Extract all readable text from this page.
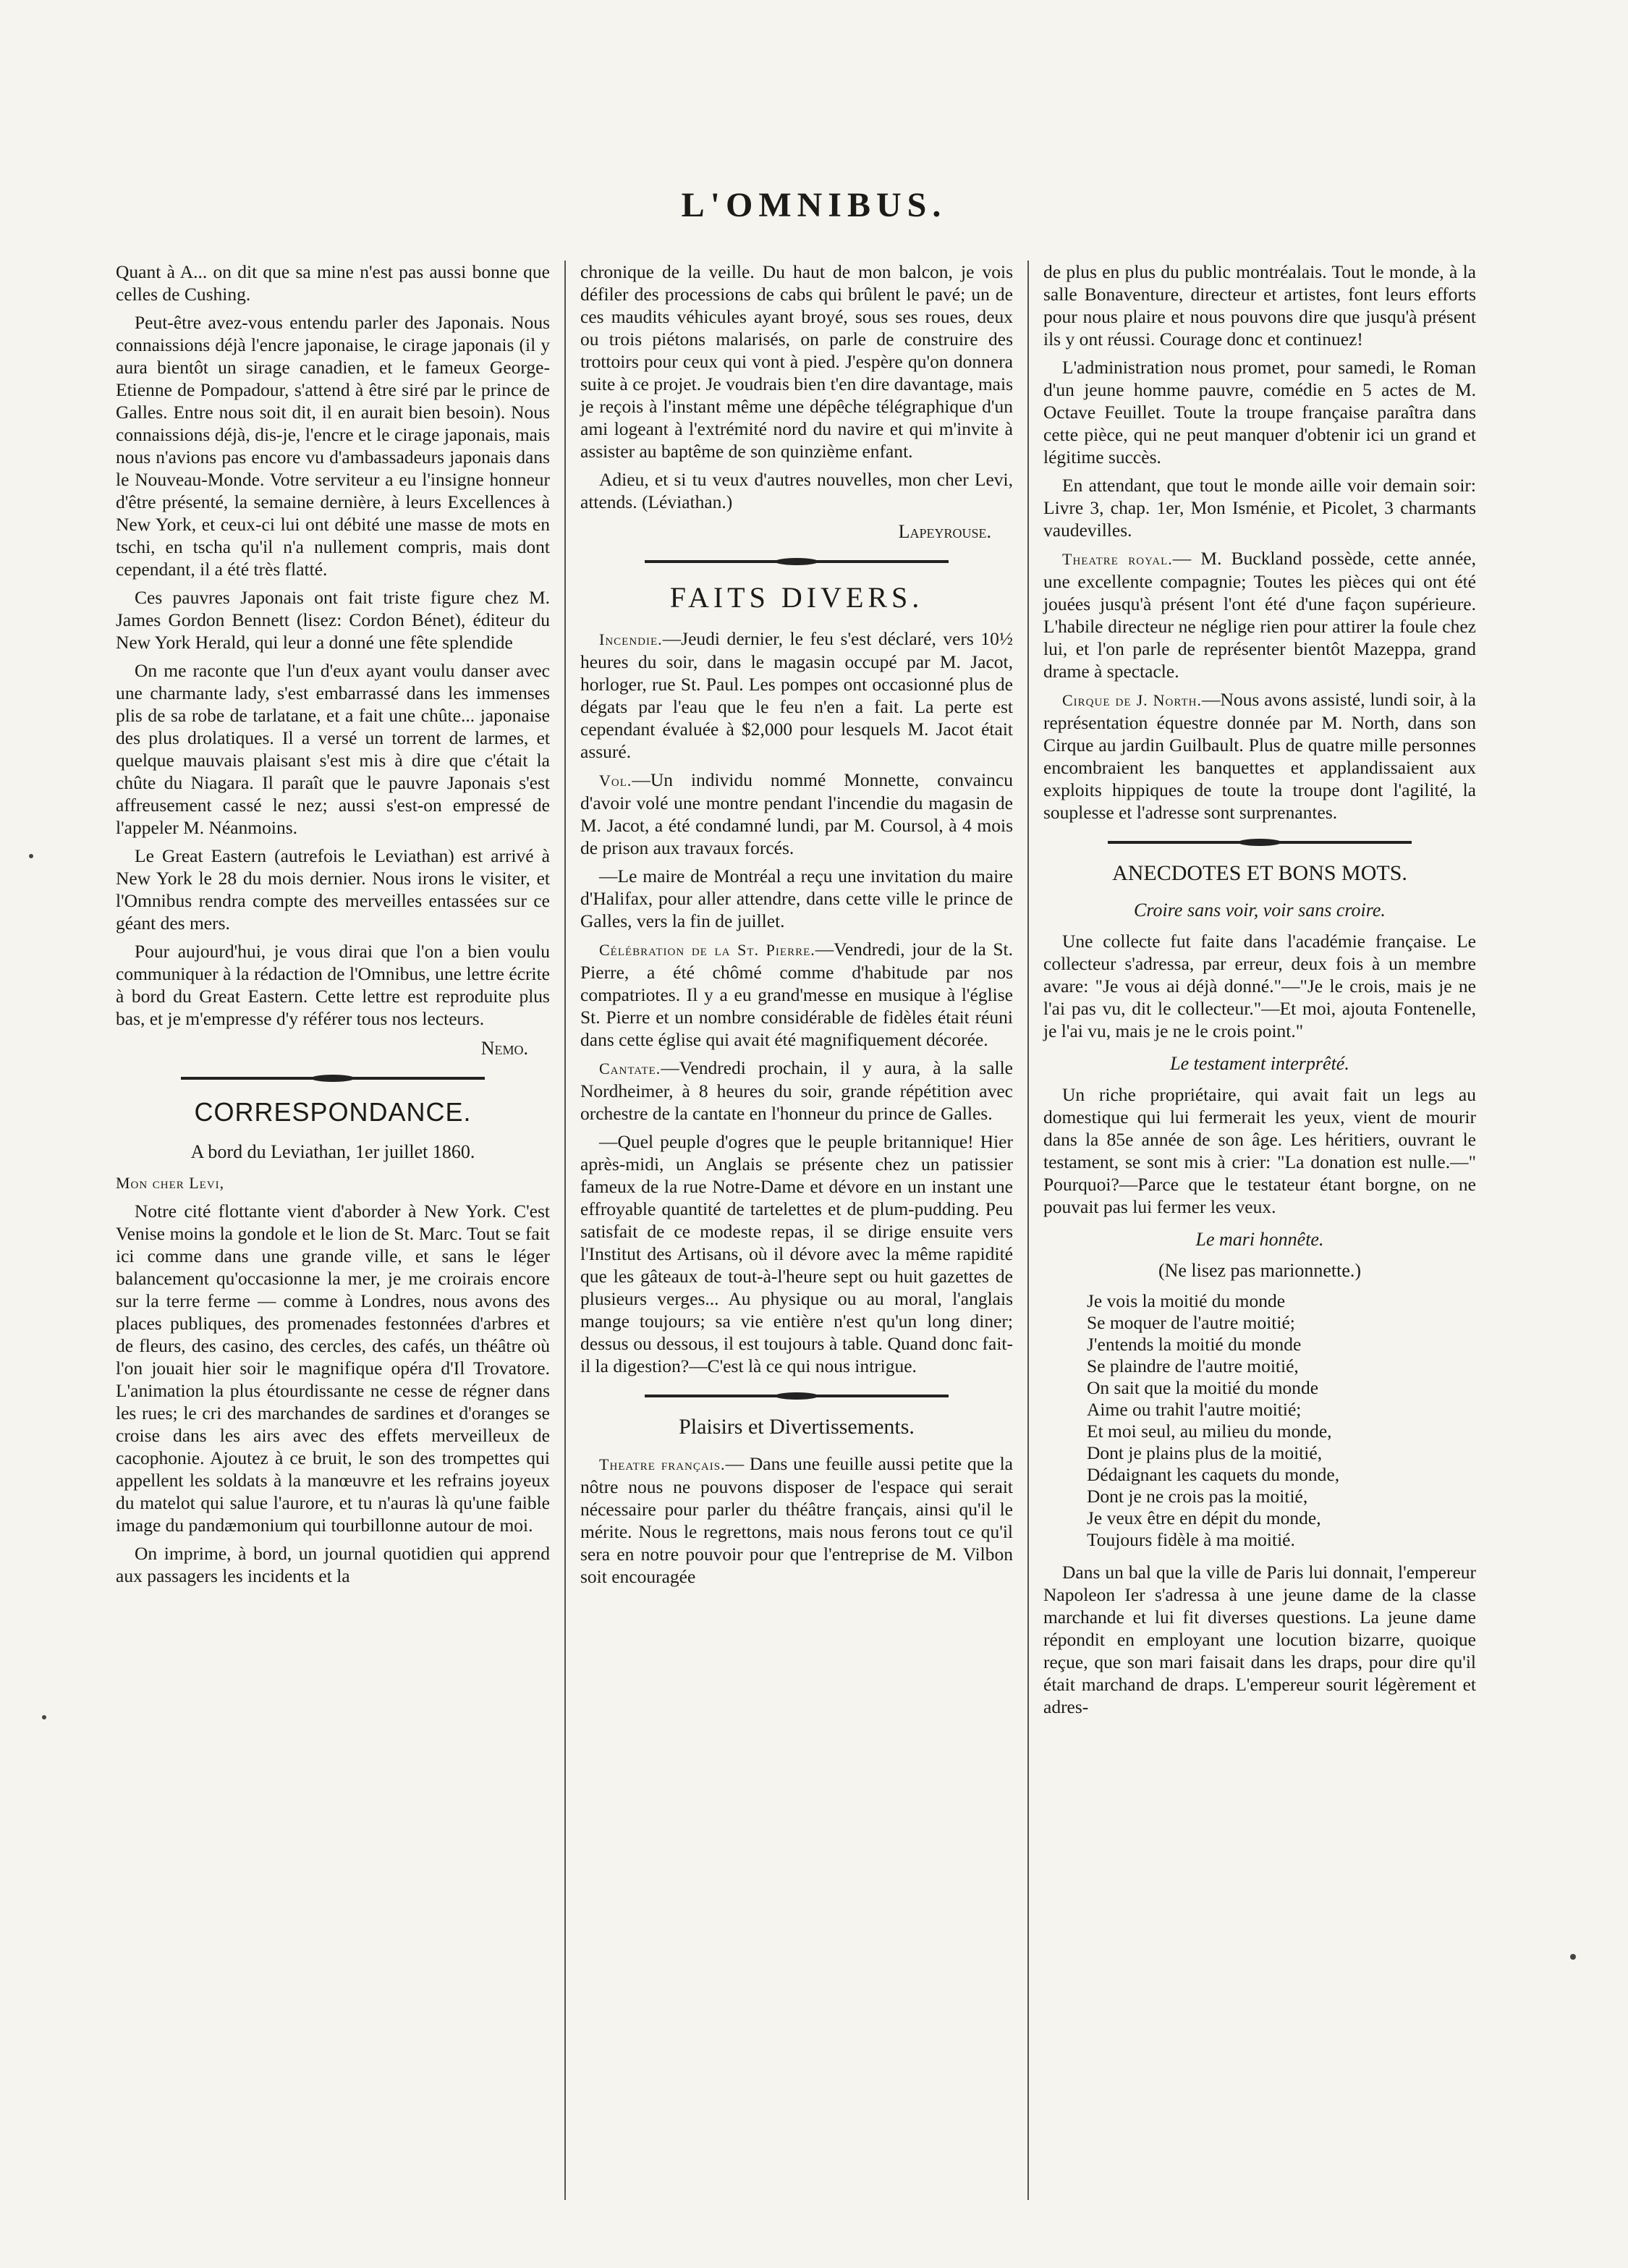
L'OMNIBUS.

Quant à A... on dit que sa mine n'est pas aussi bonne que celles de Cushing.

Peut-être avez-vous entendu parler des Japonais. Nous connaissions déjà l'encre japonaise, le cirage japonais (il y aura bientôt un sirage canadien, et le fameux George-Etienne de Pompadour, s'attend à être siré par le prince de Galles. Entre nous soit dit, il en aurait bien besoin). Nous connaissions déjà, dis-je, l'encre et le cirage japonais, mais nous n'avions pas encore vu d'ambassadeurs japonais dans le Nouveau-Monde. Votre serviteur a eu l'insigne honneur d'être présenté, la semaine dernière, à leurs Excellences à New York, et ceux-ci lui ont débité une masse de mots en tschi, en tscha qu'il n'a nullement compris, mais dont cependant, il a été très flatté.

Ces pauvres Japonais ont fait triste figure chez M. James Gordon Bennett (lisez: Cordon Bénet), éditeur du New York Herald, qui leur a donné une fête splendide

On me raconte que l'un d'eux ayant voulu danser avec une charmante lady, s'est embarrassé dans les immenses plis de sa robe de tarlatane, et a fait une chûte... japonaise des plus drolatiques. Il a versé un torrent de larmes, et quelque mauvais plaisant s'est mis à dire que c'était la chûte du Niagara. Il paraît que le pauvre Japonais s'est affreusement cassé le nez; aussi s'est-on empressé de l'appeler M. Néanmoins.

Le Great Eastern (autrefois le Leviathan) est arrivé à New York le 28 du mois dernier. Nous irons le visiter, et l'Omnibus rendra compte des merveilles entassées sur ce géant des mers.

Pour aujourd'hui, je vous dirai que l'on a bien voulu communiquer à la rédaction de l'Omnibus, une lettre écrite à bord du Great Eastern. Cette lettre est reproduite plus bas, et je m'empresse d'y référer tous nos lecteurs.

Nemo.

CORRESPONDANCE.

A bord du Leviathan, 1er juillet 1860.

Mon cher Levi,

Notre cité flottante vient d'aborder à New York. C'est Venise moins la gondole et le lion de St. Marc. Tout se fait ici comme dans une grande ville, et sans le léger balancement qu'occasionne la mer, je me croirais encore sur la terre ferme — comme à Londres, nous avons des places publiques, des promenades festonnées d'arbres et de fleurs, des casino, des cercles, des cafés, un théâtre où l'on jouait hier soir le magnifique opéra d'Il Trovatore. L'animation la plus étourdissante ne cesse de régner dans les rues; le cri des marchandes de sardines et d'oranges se croise dans les airs avec des effets merveilleux de cacophonie. Ajoutez à ce bruit, le son des trompettes qui appellent les soldats à la manœuvre et les refrains joyeux du matelot qui salue l'aurore, et tu n'auras là qu'une faible image du pandæmonium qui tourbillonne autour de moi.

On imprime, à bord, un journal quotidien qui apprend aux passagers les incidents et la

chronique de la veille. Du haut de mon balcon, je vois défiler des processions de cabs qui brûlent le pavé; un de ces maudits véhicules ayant broyé, sous ses roues, deux ou trois piétons malarisés, on parle de construire des trottoirs pour ceux qui vont à pied. J'espère qu'on donnera suite à ce projet. Je voudrais bien t'en dire davantage, mais je reçois à l'instant même une dépêche télégraphique d'un ami logeant à l'extrémité nord du navire et qui m'invite à assister au baptême de son quinzième enfant.

Adieu, et si tu veux d'autres nouvelles, mon cher Levi, attends. (Léviathan.)

Lapeyrouse.

FAITS DIVERS.

Incendie.—Jeudi dernier, le feu s'est déclaré, vers 10½ heures du soir, dans le magasin occupé par M. Jacot, horloger, rue St. Paul. Les pompes ont occasionné plus de dégats par l'eau que le feu n'en a fait. La perte est cependant évaluée à $2,000 pour lesquels M. Jacot était assuré.

Vol.—Un individu nommé Monnette, convaincu d'avoir volé une montre pendant l'incendie du magasin de M. Jacot, a été condamné lundi, par M. Coursol, à 4 mois de prison aux travaux forcés.

—Le maire de Montréal a reçu une invitation du maire d'Halifax, pour aller attendre, dans cette ville le prince de Galles, vers la fin de juillet.

Célébration de la St. Pierre.—Vendredi, jour de la St. Pierre, a été chômé comme d'habitude par nos compatriotes. Il y a eu grand'messe en musique à l'église St. Pierre et un nombre considérable de fidèles était réuni dans cette église qui avait été magnifiquement décorée.

Cantate.—Vendredi prochain, il y aura, à la salle Nordheimer, à 8 heures du soir, grande répétition avec orchestre de la cantate en l'honneur du prince de Galles.

—Quel peuple d'ogres que le peuple britannique! Hier après-midi, un Anglais se présente chez un patissier fameux de la rue Notre-Dame et dévore en un instant une effroyable quantité de tartelettes et de plum-pudding. Peu satisfait de ce modeste repas, il se dirige ensuite vers l'Institut des Artisans, où il dévore avec la même rapidité que les gâteaux de tout-à-l'heure sept ou huit gazettes de plusieurs verges... Au physique ou au moral, l'anglais mange toujours; sa vie entière n'est qu'un long diner; dessus ou dessous, il est toujours à table. Quand donc fait-il la digestion?—C'est là ce qui nous intrigue.

Plaisirs et Divertissements.

Theatre français.— Dans une feuille aussi petite que la nôtre nous ne pouvons disposer de l'espace qui serait nécessaire pour parler du théâtre français, ainsi qu'il le mérite. Nous le regrettons, mais nous ferons tout ce qu'il sera en notre pouvoir pour que l'entreprise de M. Vilbon soit encouragée

de plus en plus du public montréalais. Tout le monde, à la salle Bonaventure, directeur et artistes, font leurs efforts pour nous plaire et nous pouvons dire que jusqu'à présent ils y ont réussi. Courage donc et continuez!

L'administration nous promet, pour samedi, le Roman d'un jeune homme pauvre, comédie en 5 actes de M. Octave Feuillet. Toute la troupe française paraîtra dans cette pièce, qui ne peut manquer d'obtenir ici un grand et légitime succès.

En attendant, que tout le monde aille voir demain soir: Livre 3, chap. 1er, Mon Isménie, et Picolet, 3 charmants vaudevilles.

Theatre royal.— M. Buckland possède, cette année, une excellente compagnie; Toutes les pièces qui ont été jouées jusqu'à présent l'ont été d'une façon supérieure. L'habile directeur ne néglige rien pour attirer la foule chez lui, et l'on parle de représenter bientôt Mazeppa, grand drame à spectacle.

Cirque de J. North.—Nous avons assisté, lundi soir, à la représentation équestre donnée par M. North, dans son Cirque au jardin Guilbault. Plus de quatre mille personnes encombraient les banquettes et applandissaient aux exploits hippiques de toute la troupe dont l'agilité, la souplesse et l'adresse sont surprenantes.

ANECDOTES ET BONS MOTS.

Croire sans voir, voir sans croire.

Une collecte fut faite dans l'académie française. Le collecteur s'adressa, par erreur, deux fois à un membre avare: "Je vous ai déjà donné."—"Je le crois, mais je ne l'ai pas vu, dit le collecteur."—Et moi, ajouta Fontenelle, je l'ai vu, mais je ne le crois point."

Le testament interprêté.

Un riche propriétaire, qui avait fait un legs au domestique qui lui fermerait les yeux, vient de mourir dans la 85e année de son âge. Les héritiers, ouvrant le testament, se sont mis à crier: "La donation est nulle.—" Pourquoi?—Parce que le testateur étant borgne, on ne pouvait pas lui fermer les veux.

Le mari honnête.

(Ne lisez pas marionnette.)

Je vois la moitié du monde
Se moquer de l'autre moitié;
J'entends la moitié du monde
Se plaindre de l'autre moitié,
On sait que la moitié du monde
Aime ou trahit l'autre moitié;
Et moi seul, au milieu du monde,
Dont je plains plus de la moitié,
Dédaignant les caquets du monde,
Dont je ne crois pas la moitié,
Je veux être en dépit du monde,
Toujours fidèle à ma moitié.

Dans un bal que la ville de Paris lui donnait, l'empereur Napoleon Ier s'adressa à une jeune dame de la classe marchande et lui fit diverses questions. La jeune dame répondit en employant une locution bizarre, quoique reçue, que son mari faisait dans les draps, pour dire qu'il était marchand de draps. L'empereur sourit légèrement et adres-
